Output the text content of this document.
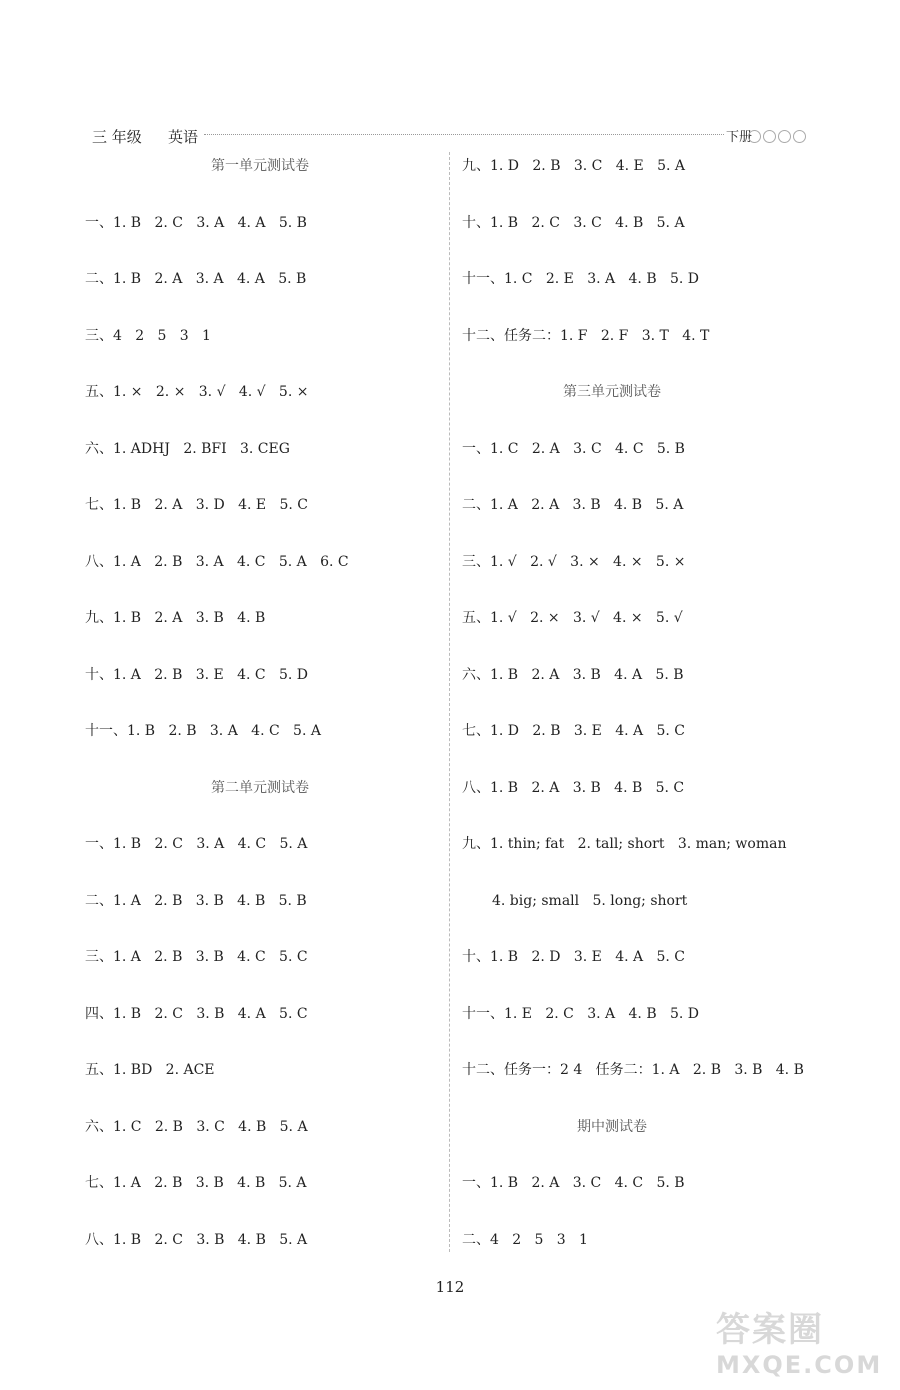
三 年级 英语	下册
第一单元测试卷
一、1. B   2. C   3. A   4. A   5. B
二、1. B   2. A   3. A   4. A   5. B
三、4   2   5   3   1
五、1. ×   2. ×   3. √   4. √   5. ×
六、1. ADHJ   2. BFI   3. CEG
七、1. B   2. A   3. D   4. E   5. C
八、1. A   2. B   3. A   4. C   5. A   6. C
九、1. B   2. A   3. B   4. B
十、1. A   2. B   3. E   4. C   5. D
十一、1. B   2. B   3. A   4. C   5. A
第二单元测试卷
一、1. B   2. C   3. A   4. C   5. A
二、1. A   2. B   3. B   4. B   5. B
三、1. A   2. B   3. B   4. C   5. C
四、1. B   2. C   3. B   4. A   5. C
五、1. BD   2. ACE
六、1. C   2. B   3. C   4. B   5. A
七、1. A   2. B   3. B   4. B   5. A
八、1. B   2. C   3. B   4. B   5. A
九、1. D   2. B   3. C   4. E   5. A
十、1. B   2. C   3. C   4. B   5. A
十一、1. C   2. E   3. A   4. B   5. D
十二、任务二：1. F   2. F   3. T   4. T
第三单元测试卷
一、1. C   2. A   3. C   4. C   5. B
二、1. A   2. A   3. B   4. B   5. A
三、1. √   2. √   3. ×   4. ×   5. ×
五、1. √   2. ×   3. √   4. ×   5. √
六、1. B   2. A   3. B   4. A   5. B
七、1. D   2. B   3. E   4. A   5. C
八、1. B   2. A   3. B   4. B   5. C
九、1. thin; fat   2. tall; short   3. man; woman
4. big; small   5. long; short
十、1. B   2. D   3. E   4. A   5. C
十一、1. E   2. C   3. A   4. B   5. D
十二、任务一：2 4   任务二：1. A   2. B   3. B   4. B
期中测试卷
一、1. B   2. A   3. C   4. C   5. B
二、4   2   5   3   1
112
答案圈
MXQE.COM
